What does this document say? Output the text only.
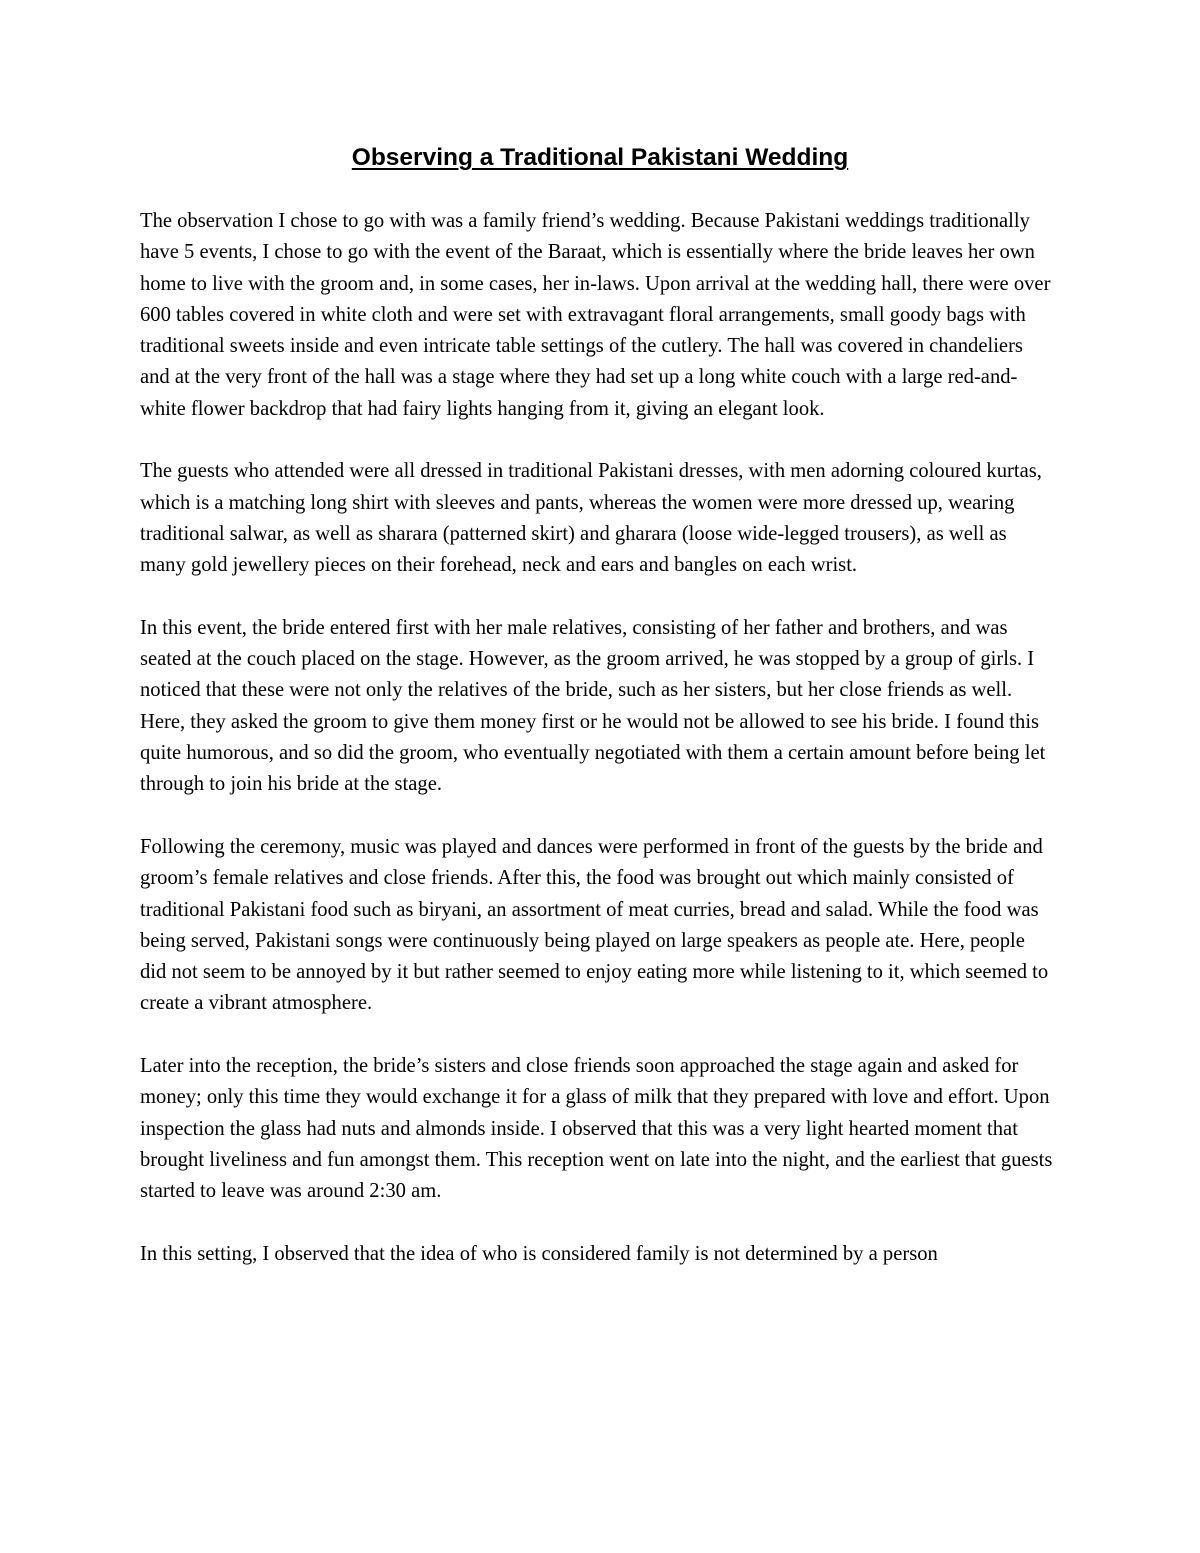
Observing a Traditional Pakistani Wedding

The observation I chose to go with was a family friend’s wedding. Because Pakistani weddings traditionally have 5 events, I chose to go with the event of the Baraat, which is essentially where the bride leaves her own home to live with the groom and, in some cases, her in-laws. Upon arrival at the wedding hall, there were over 600 tables covered in white cloth and were set with extravagant floral arrangements, small goody bags with traditional sweets inside and even intricate table settings of the cutlery. The hall was covered in chandeliers and at the very front of the hall was a stage where they had set up a long white couch with a large red-and-white flower backdrop that had fairy lights hanging from it, giving an elegant look.

The guests who attended were all dressed in traditional Pakistani dresses, with men adorning coloured kurtas, which is a matching long shirt with sleeves and pants, whereas the women were more dressed up, wearing traditional salwar, as well as sharara (patterned skirt) and gharara (loose wide-legged trousers), as well as many gold jewellery pieces on their forehead, neck and ears and bangles on each wrist.

In this event, the bride entered first with her male relatives, consisting of her father and brothers, and was seated at the couch placed on the stage. However, as the groom arrived, he was stopped by a group of girls. I noticed that these were not only the relatives of the bride, such as her sisters, but her close friends as well. Here, they asked the groom to give them money first or he would not be allowed to see his bride. I found this quite humorous, and so did the groom, who eventually negotiated with them a certain amount before being let through to join his bride at the stage.

Following the ceremony, music was played and dances were performed in front of the guests by the bride and groom’s female relatives and close friends. After this, the food was brought out which mainly consisted of traditional Pakistani food such as biryani, an assortment of meat curries, bread and salad. While the food was being served, Pakistani songs were continuously being played on large speakers as people ate. Here, people did not seem to be annoyed by it but rather seemed to enjoy eating more while listening to it, which seemed to create a vibrant atmosphere.

Later into the reception, the bride’s sisters and close friends soon approached the stage again and asked for money; only this time they would exchange it for a glass of milk that they prepared with love and effort. Upon inspection the glass had nuts and almonds inside. I observed that this was a very light hearted moment that brought liveliness and fun amongst them. This reception went on late into the night, and the earliest that guests started to leave was around 2:30 am.

In this setting, I observed that the idea of who is considered family is not determined by a person
